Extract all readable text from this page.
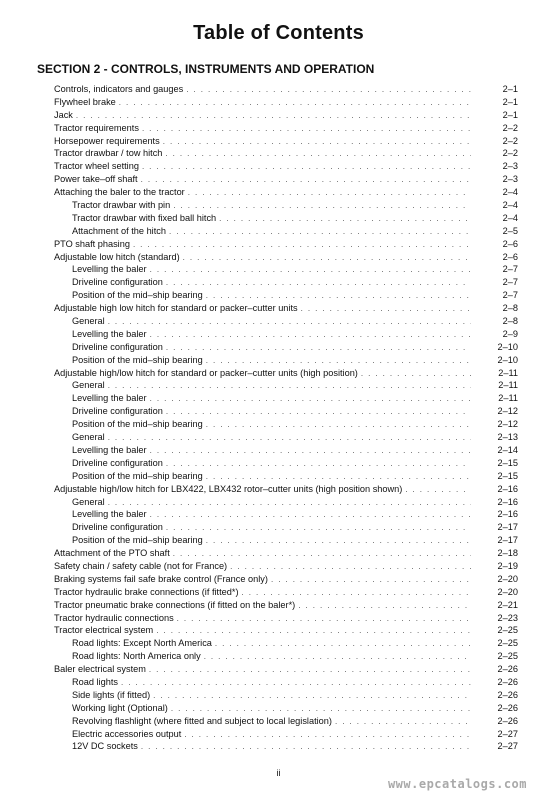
Table of Contents
SECTION 2 - CONTROLS, INSTRUMENTS AND OPERATION
Controls, indicators and gauges . . .	2–1
Flywheel brake . . .	2–1
Jack . . .	2–1
Tractor requirements . . .	2–2
Horsepower requirements . . .	2–2
Tractor drawbar / tow hitch . . .	2–2
Tractor wheel setting . . .	2–3
Power take–off shaft . . .	2–3
Attaching the baler to the tractor . . .	2–4
Tractor drawbar with pin . . .	2–4
Tractor drawbar with fixed ball hitch . . .	2–4
Attachment of the hitch . . .	2–5
PTO shaft phasing . . .	2–6
Adjustable low hitch (standard) . . .	2–6
Levelling the baler . . .	2–7
Driveline configuration . . .	2–7
Position of the mid–ship bearing . . .	2–7
Adjustable high low hitch for standard or packer–cutter units . . .	2–8
General . . .	2–8
Levelling the baler . . .	2–9
Driveline configuration . . .	2–10
Position of the mid–ship bearing . . .	2–10
Adjustable high/low hitch for standard or packer–cutter units (high position) . . .	2–11
General . . .	2–11
Levelling the baler . . .	2–11
Driveline configuration . . .	2–12
Position of the mid–ship bearing . . .	2–12
General . . .	2–13
Levelling the baler . . .	2–14
Driveline configuration . . .	2–15
Position of the mid–ship bearing . . .	2–15
Adjustable high/low hitch for LBX422, LBX432 rotor–cutter units (high position shown) . . .	2–16
General . . .	2–16
Levelling the baler . . .	2–16
Driveline configuration . . .	2–17
Position of the mid–ship bearing . . .	2–17
Attachment of the PTO shaft . . .	2–18
Safety chain / safety cable (not for France) . . .	2–19
Braking systems fail safe brake control (France only) . . .	2–20
Tractor hydraulic brake connections (if fitted*) . . .	2–20
Tractor pneumatic brake connections (if fitted on the baler*) . . .	2–21
Tractor hydraulic connections . . .	2–23
Tractor electrical system . . .	2–25
Road lights: Except North America . . .	2–25
Road lights: North America only . . .	2–25
Baler electrical system . . .	2–26
Road lights . . .	2–26
Side lights (if fitted) . . .	2–26
Working light (Optional) . . .	2–26
Revolving flashlight (where fitted and subject to local legislation) . . .	2–26
Electric accessories output . . .	2–27
12V DC sockets . . .	2–27
ii
www.epcatalogs.com
